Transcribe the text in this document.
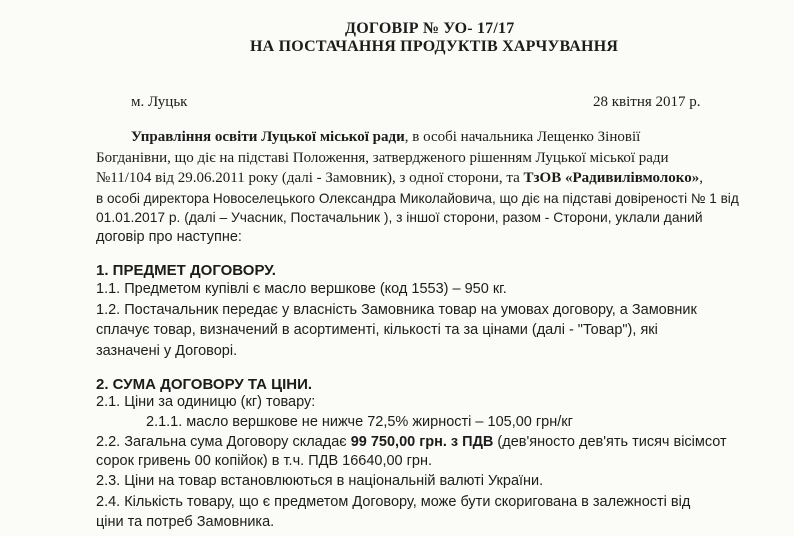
ДОГОВІР № УО- 17/17
НА ПОСТАЧАННЯ ПРОДУКТІВ ХАРЧУВАННЯ
м. Луцьк	28 квітня 2017 р.
Управління освіти Луцької міської ради, в особі начальника Лещенко Зіновії
Богданівни, що діє на підставі Положення, затвердженого рішенням Луцької міської ради
№11/104 від 29.06.2011 року (далі - Замовник), з одної сторони, та ТзОВ «Радивилівмолоко»,
в особі директора Новоселецького Олександра Миколайовича, що діє на підставі довіреності № 1 від
01.01.2017 р. (далі – Учасник, Постачальник ), з іншої сторони, разом - Сторони, уклали даний
договір про наступне:
1. ПРЕДМЕТ ДОГОВОРУ.
1.1. Предметом купівлі є масло вершкове (код 1553) – 950 кг.
1.2. Постачальник передає у власність Замовника товар на умовах договору, а Замовник
сплачує товар, визначений в асортименті, кількості та за цінами (далі - "Товар"), які
зазначені у Договорі.
2. СУМА ДОГОВОРУ ТА ЦІНИ.
2.1. Ціни за одиницю (кг) товару:
2.1.1. масло вершкове не нижче 72,5% жирності – 105,00 грн/кг
2.2. Загальна сума Договору складає 99 750,00 грн. з ПДВ (дев'яносто дев'ять тисяч вісімсот
сорок гривень 00 копійок) в т.ч. ПДВ 16640,00 грн.
2.3. Ціни на товар встановлюються в національній валюті України.
2.4. Кількість товару, що є предметом Договору, може бути скоригована в залежності від
ціни та потреб Замовника.
